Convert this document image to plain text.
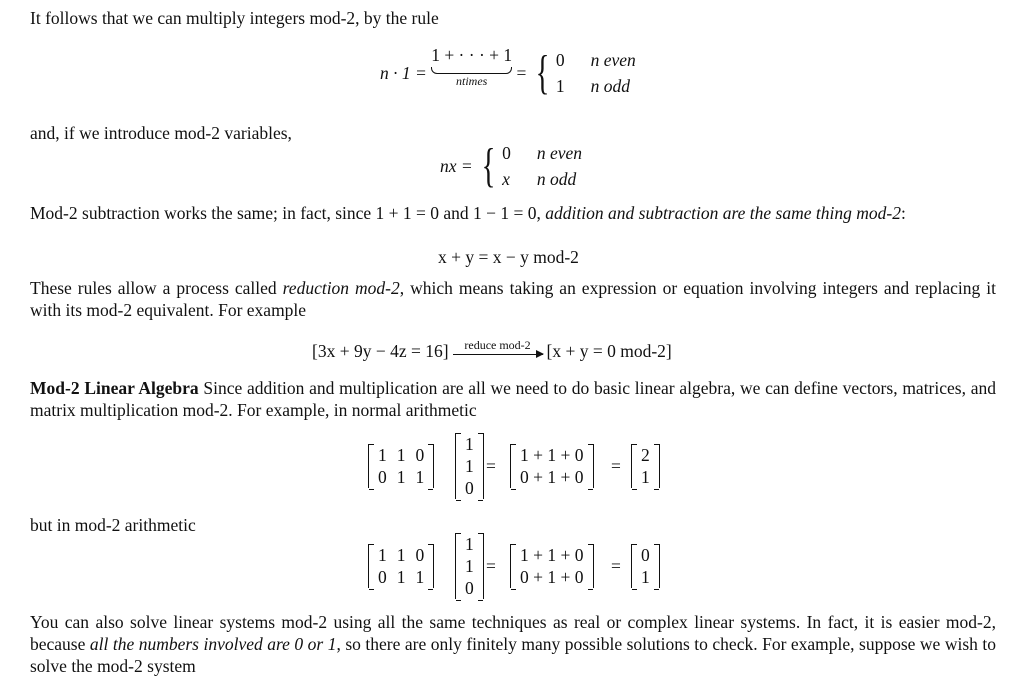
It follows that we can multiply integers mod-2, by the rule
n · 1 = 1 + · · · + 1
ntimes	= { 0 n even
1 n odd
and, if we introduce mod-2 variables,
nx = { 0 n even
x n odd
Mod-2 subtraction works the same; in fact, since 1 + 1 = 0 and 1 − 1 = 0, addition and subtraction are the same thing mod-2:
x + y = x − y mod-2
These rules allow a process called reduction mod-2, which means taking an expression or equation involving integers and replacing it with its mod-2 equivalent. For example
[3x + 9y − 4z = 16]	reduce mod-2 [x + y = 0 mod-2]
Mod-2 Linear Algebra Since addition and multiplication are all we need to do basic linear algebra, we can define vectors, matrices, and matrix multiplication mod-2. For example, in normal arithmetic
1 1 0
0 1 1
1
1
0
=
1 + 1 + 0
0 + 1 + 0
=
2
1
but in mod-2 arithmetic
1 1 0
0 1 1
1
1
0
=
1 + 1 + 0
0 + 1 + 0
=
0
1
You can also solve linear systems mod-2 using all the same techniques as real or complex linear systems. In fact, it is easier mod-2, because all the numbers involved are 0 or 1, so there are only finitely many possible solutions to check. For example, suppose we wish to solve the mod-2 system
